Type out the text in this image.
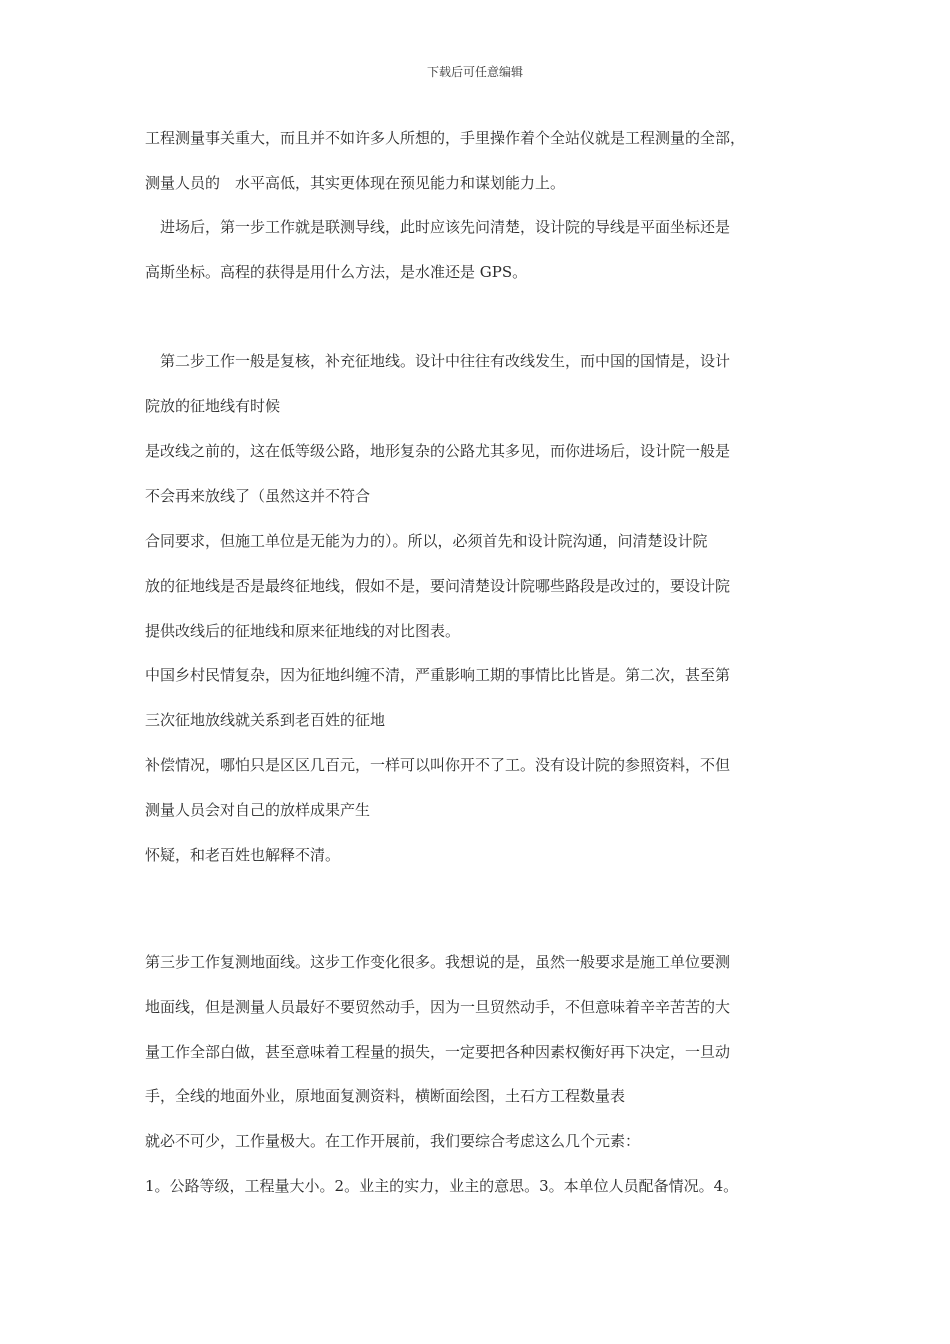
下载后可任意编辑
工程测量事关重大，而且并不如许多人所想的，手里操作着个全站仪就是工程测量的全部，
测量人员的　水平高低，其实更体现在预见能力和谋划能力上。
　进场后，第一步工作就是联测导线，此时应该先问清楚，设计院的导线是平面坐标还是
高斯坐标。高程的获得是用什么方法，是水准还是 GPS。
　第二步工作一般是复核，补充征地线。设计中往往有改线发生，而中国的国情是，设计
院放的征地线有时候
是改线之前的，这在低等级公路，地形复杂的公路尤其多见，而你进场后，设计院一般是
不会再来放线了（虽然这并不符合
合同要求，但施工单位是无能为力的）。所以，必须首先和设计院沟通，问清楚设计院
放的征地线是否是最终征地线，假如不是，要问清楚设计院哪些路段是改过的，要设计院
提供改线后的征地线和原来征地线的对比图表。
中国乡村民情复杂，因为征地纠缠不清，严重影响工期的事情比比皆是。第二次，甚至第
三次征地放线就关系到老百姓的征地
补偿情况，哪怕只是区区几百元，一样可以叫你开不了工。没有设计院的参照资料，不但
测量人员会对自己的放样成果产生
怀疑，和老百姓也解释不清。
第三步工作复测地面线。这步工作变化很多。我想说的是，虽然一般要求是施工单位要测
地面线，但是测量人员最好不要贸然动手，因为一旦贸然动手，不但意味着辛辛苦苦的大
量工作全部白做，甚至意味着工程量的损失，一定要把各种因素权衡好再下决定，一旦动
手，全线的地面外业，原地面复测资料，横断面绘图，土石方工程数量表
就必不可少，工作量极大。在工作开展前，我们要综合考虑这么几个元素：
1。公路等级，工程量大小。2。业主的实力，业主的意思。3。本单位人员配备情况。4。
